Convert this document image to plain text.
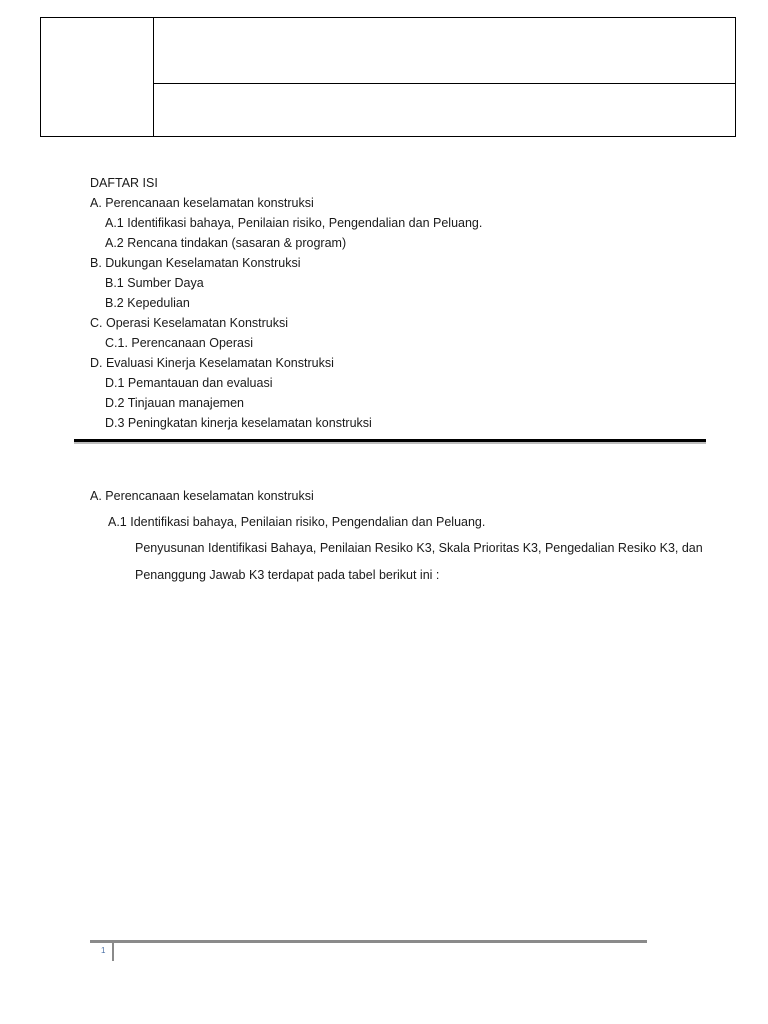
DAFTAR ISI
A. Perencanaan keselamatan konstruksi
A.1 Identifikasi bahaya, Penilaian risiko, Pengendalian dan Peluang.
A.2 Rencana tindakan (sasaran & program)
B. Dukungan Keselamatan Konstruksi
B.1 Sumber Daya
B.2 Kepedulian
C. Operasi Keselamatan Konstruksi
C.1. Perencanaan Operasi
D. Evaluasi Kinerja Keselamatan Konstruksi
D.1 Pemantauan dan evaluasi
D.2 Tinjauan manajemen
D.3 Peningkatan kinerja keselamatan konstruksi
A. Perencanaan keselamatan konstruksi
A.1 Identifikasi bahaya, Penilaian risiko, Pengendalian dan Peluang.
Penyusunan Identifikasi Bahaya, Penilaian Resiko K3, Skala Prioritas K3, Pengedalian Resiko K3, dan
Penanggung Jawab K3 terdapat pada tabel berikut ini :
1
